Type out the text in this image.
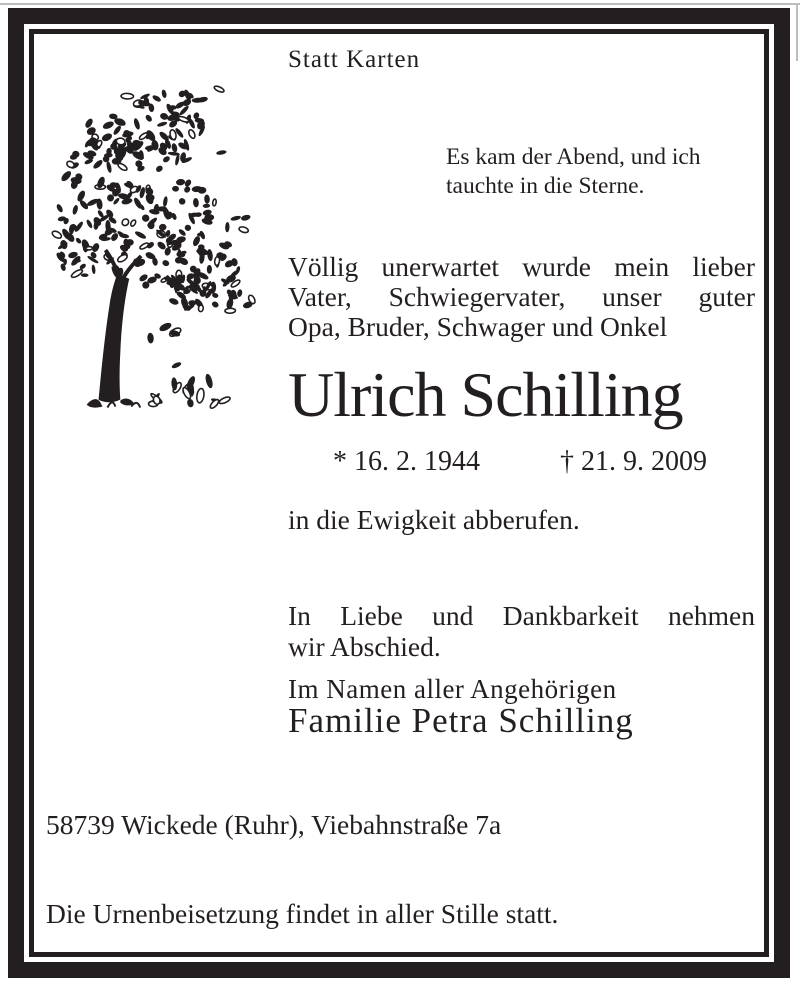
Statt Karten
Es kam der Abend, und ich
tauchte in die Sterne.
Völlig unerwartet wurde mein lieber
Vater, Schwiegervater, unser guter
Opa, Bruder, Schwager und Onkel
Ulrich Schilling
* 16. 2. 1944	† 21. 9. 2009
in die Ewigkeit abberufen.
In Liebe und Dankbarkeit nehmen
wir Abschied.
Im Namen aller Angehörigen
Familie Petra Schilling
58739 Wickede (Ruhr), Viebahnstraße 7a
Die Urnenbeisetzung findet in aller Stille statt.
